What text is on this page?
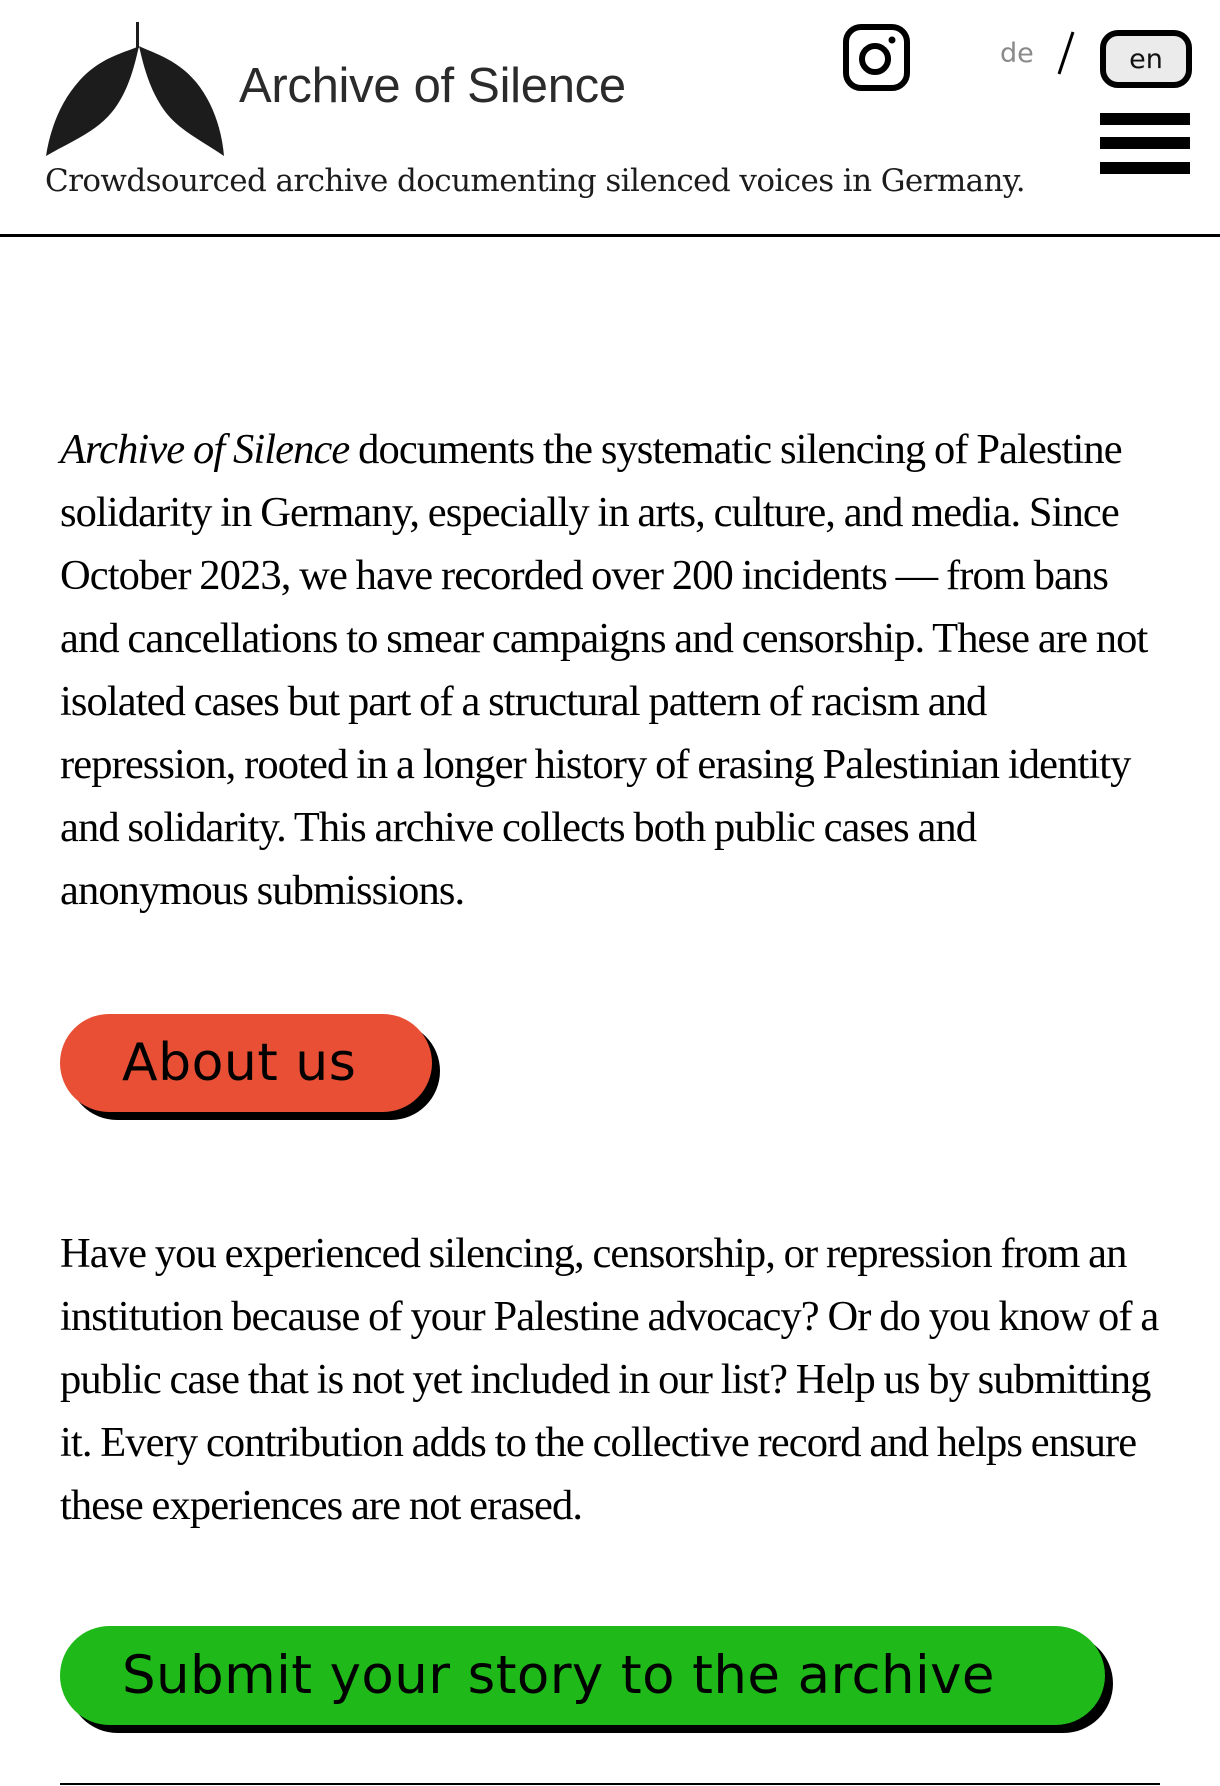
Archive of Silence
Crowdsourced archive documenting silenced voices in Germany.
de	en

Archive of Silence documents the systematic silencing of Palestine solidarity in Germany, especially in arts, culture, and media. Since October 2023, we have recorded over 200 incidents — from bans and cancellations to smear campaigns and censorship. These are not isolated cases but part of a structural pattern of racism and repression, rooted in a longer history of erasing Palestinian identity and solidarity. This archive collects both public cases and anonymous submissions.

About us

Have you experienced silencing, censorship, or repression from an institution because of your Palestine advocacy? Or do you know of a public case that is not yet included in our list? Help us by submitting it. Every contribution adds to the collective record and helps ensure these experiences are not erased.

Submit your story to the archive
